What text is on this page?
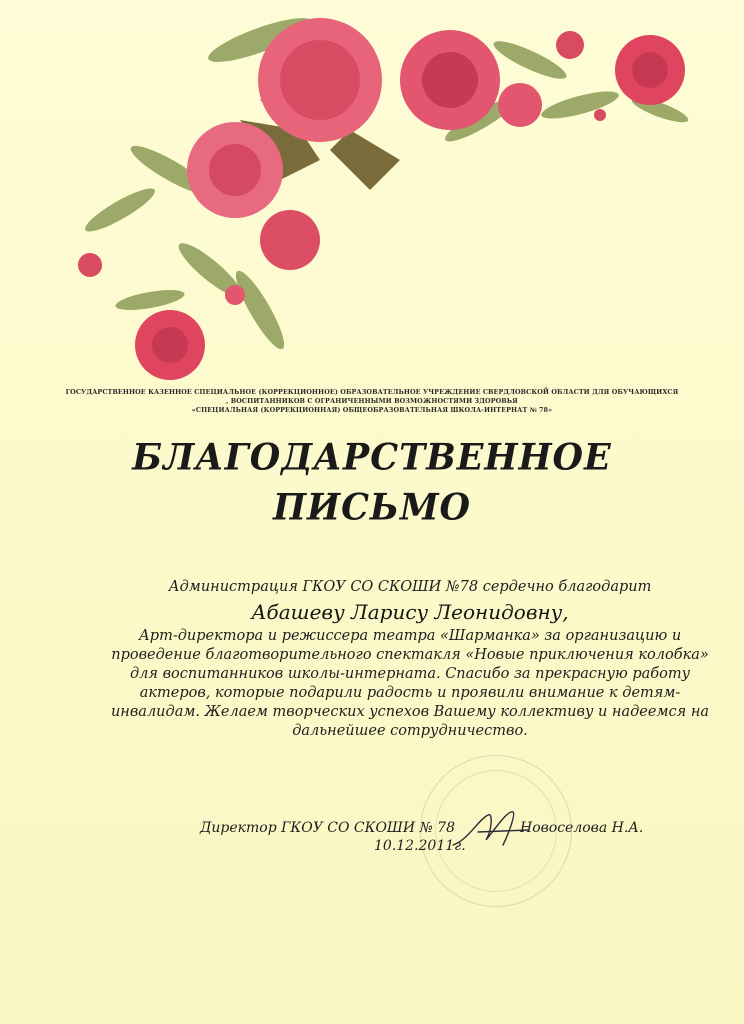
ГОСУДАРСТВЕННОЕ КАЗЕННОЕ СПЕЦИАЛЬНОЕ (КОРРЕКЦИОННОЕ) ОБРАЗОВАТЕЛЬНОЕ УЧРЕЖДЕНИЕ СВЕРДЛОВСКОЙ ОБЛАСТИ ДЛЯ ОБУЧАЮЩИХСЯ
, ВОСПИТАННИКОВ С ОГРАНИЧЕННЫМИ ВОЗМОЖНОСТЯМИ ЗДОРОВЬЯ
«СПЕЦИАЛЬНАЯ (КОРРЕКЦИОННАЯ) ОБЩЕОБРАЗОВАТЕЛЬНАЯ ШКОЛА-ИНТЕРНАТ № 78»
БЛАГОДАРСТВЕННОЕ
ПИСЬМО
Администрация ГКОУ СО СКОШИ №78 сердечно благодарит
Абашеву Ларису Леонидовну,
Арт-директора и режиссера театра «Шарманка» за организацию и
проведение благотворительного спектакля «Новые приключения колобка»
для воспитанников школы-интерната. Спасибо за прекрасную работу
актеров, которые подарили радость и проявили внимание к детям-
инвалидам. Желаем творческих успехов Вашему коллективу и надеемся на
дальнейшее сотрудничество.
Директор ГКОУ СО СКОШИ № 78	Новоселова Н.А.
10.12.2011г.
